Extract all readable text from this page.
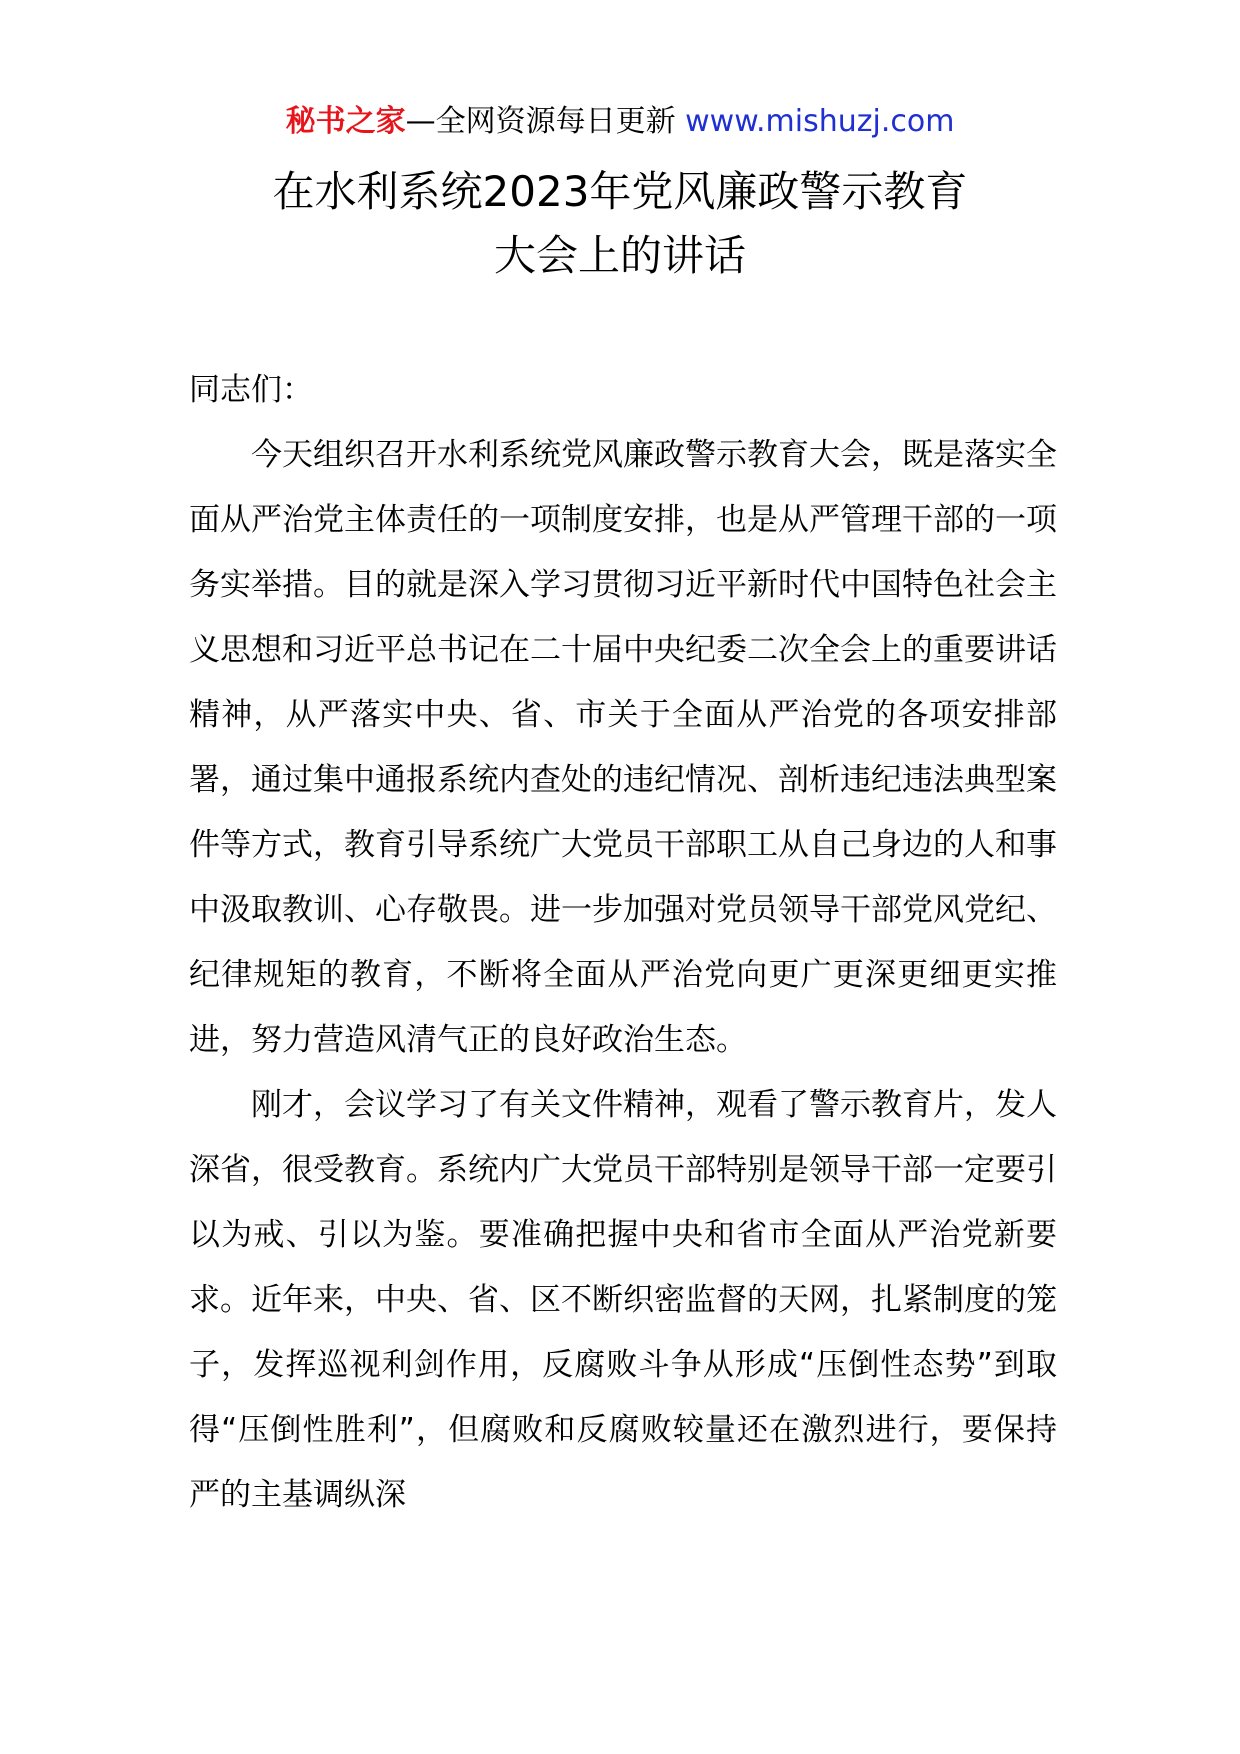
秘书之家—全网资源每日更新 www.mishuzj.com
在水利系统2023年党风廉政警示教育
大会上的讲话

同志们：

今天组织召开水利系统党风廉政警示教育大会，既是落实全面从严治党主体责任的一项制度安排，也是从严管理干部的一项务实举措。目的就是深入学习贯彻习近平新时代中国特色社会主义思想和习近平总书记在二十届中央纪委二次全会上的重要讲话精神，从严落实中央、省、市关于全面从严治党的各项安排部署，通过集中通报系统内查处的违纪情况、剖析违纪违法典型案件等方式，教育引导系统广大党员干部职工从自己身边的人和事中汲取教训、心存敬畏。进一步加强对党员领导干部党风党纪、纪律规矩的教育，不断将全面从严治党向更广更深更细更实推进，努力营造风清气正的良好政治生态。

刚才，会议学习了有关文件精神，观看了警示教育片，发人深省，很受教育。系统内广大党员干部特别是领导干部一定要引以为戒、引以为鉴。要准确把握中央和省市全面从严治党新要求。近年来，中央、省、区不断织密监督的天网，扎紧制度的笼子，发挥巡视利剑作用，反腐败斗争从形成“压倒性态势”到取得“压倒性胜利”，但腐败和反腐败较量还在激烈进行，要保持严的主基调纵深
